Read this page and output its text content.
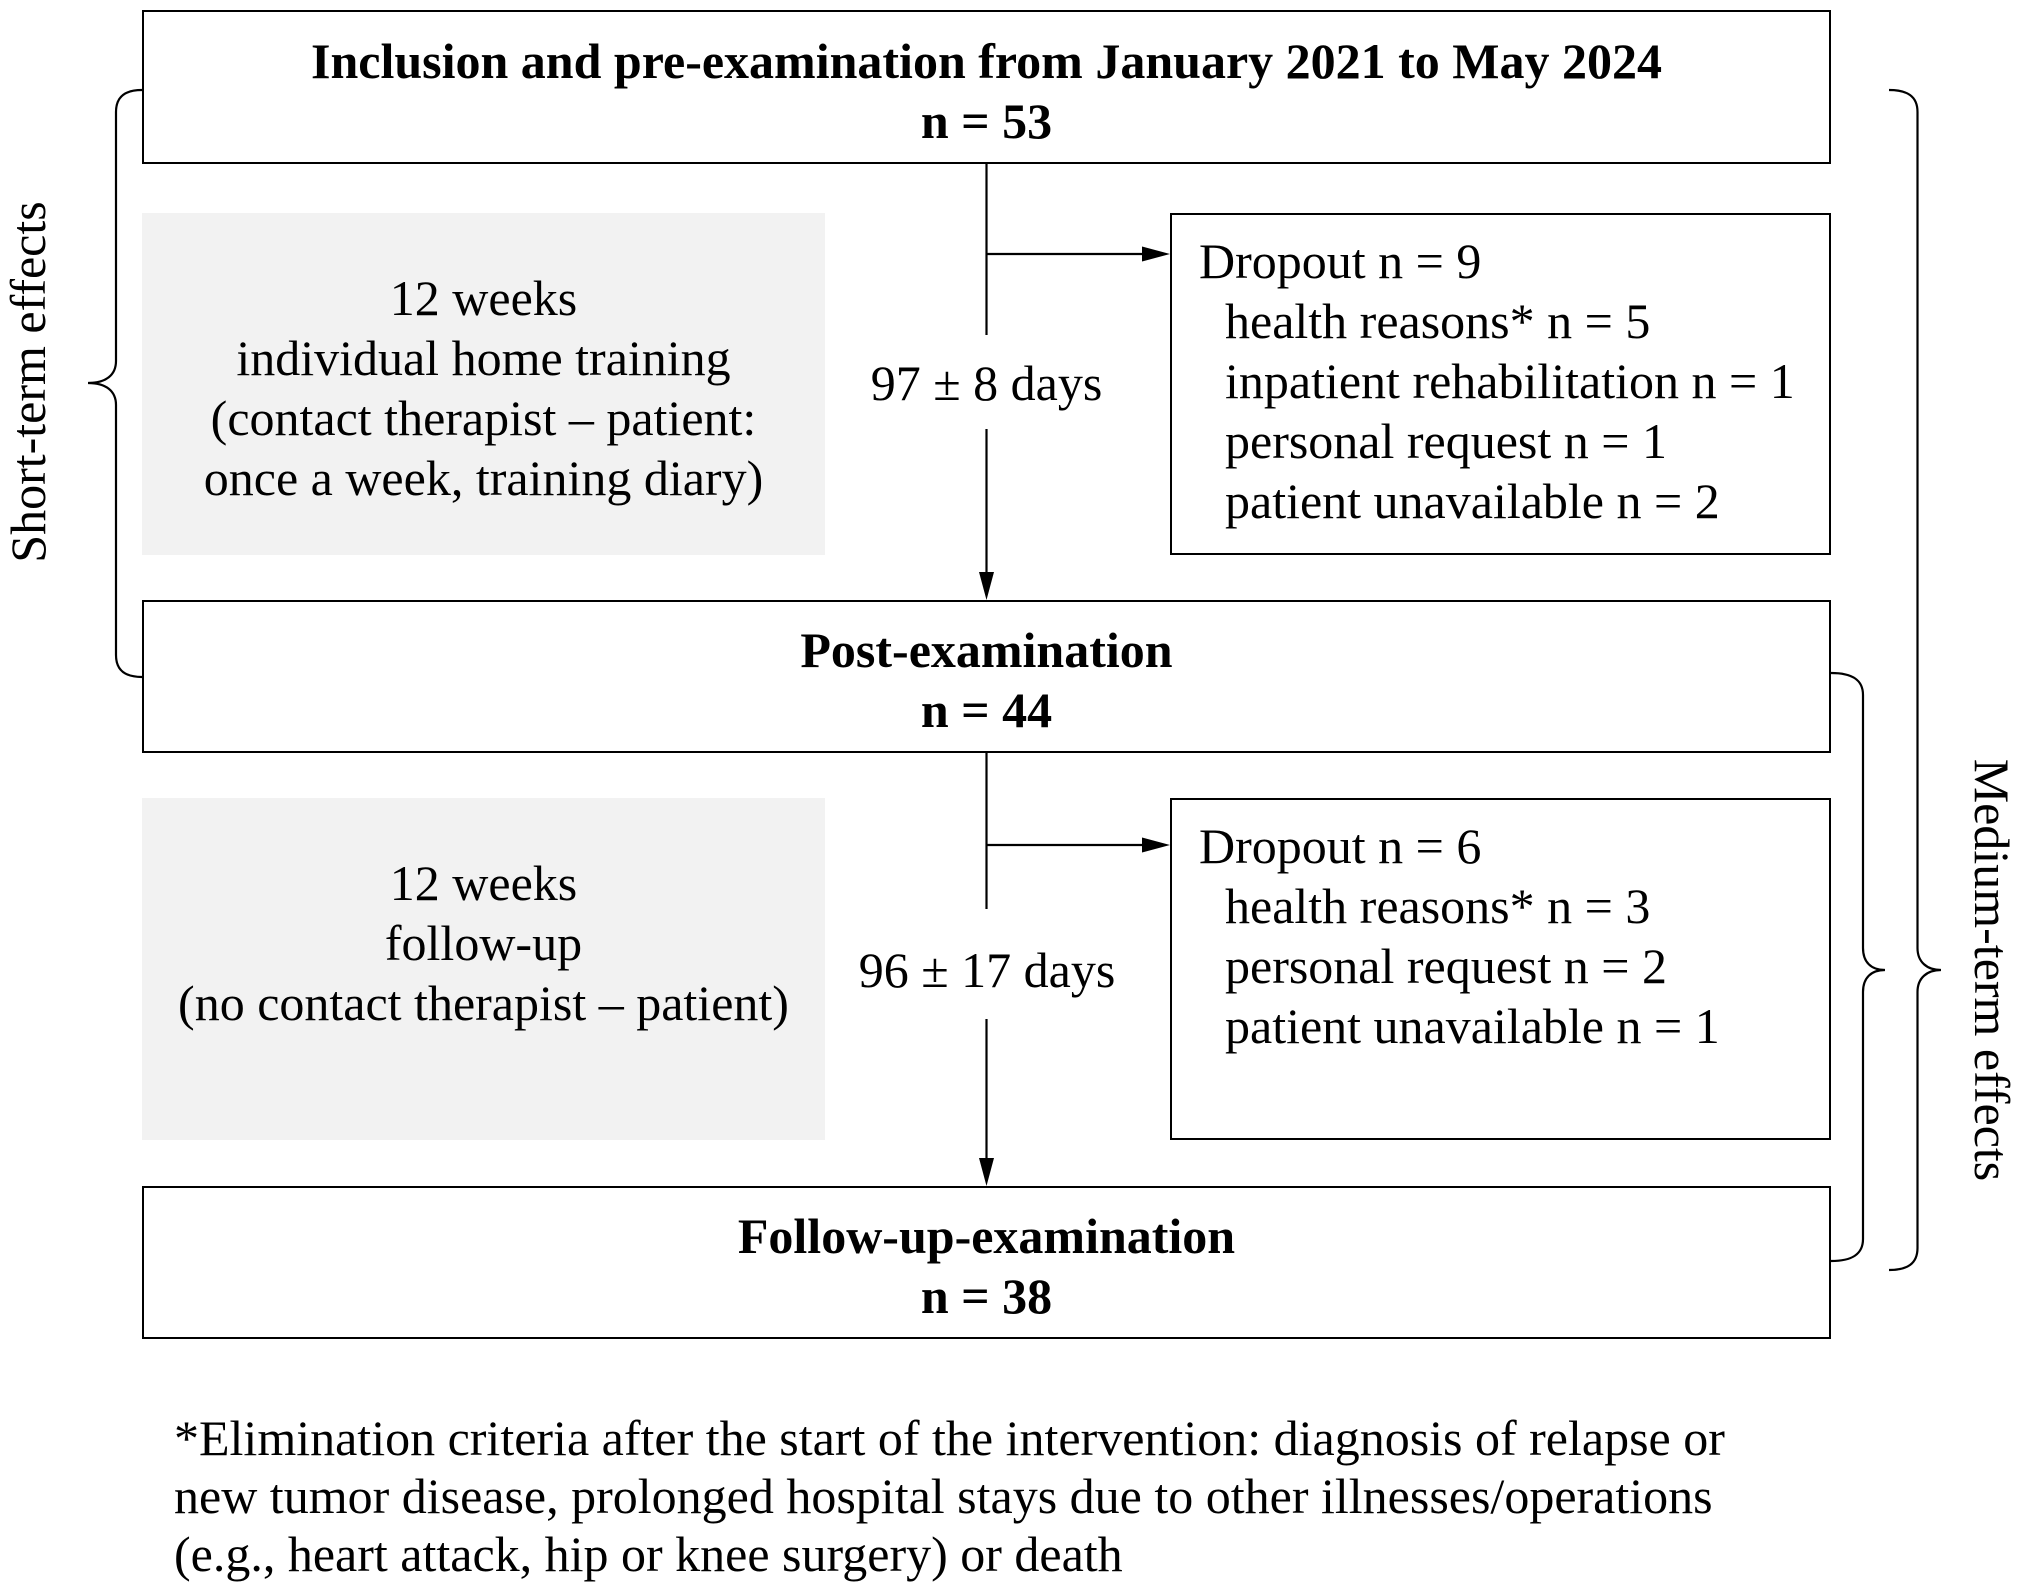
Inclusion and pre-examination from January 2021 to May 2024
n = 53
12 weeks
individual home training
(contact therapist – patient:
once a week, training diary)
97 ± 8 days
Dropout n = 9
health reasons* n = 5
inpatient rehabilitation n = 1
personal request n = 1
patient unavailable n = 2
Post-examination
n = 44
12 weeks
follow-up
(no contact therapist – patient)
96 ± 17 days
Dropout n = 6
health reasons* n = 3
personal request n = 2
patient unavailable n = 1
Follow-up-examination
n = 38
Short-term effects
Medium-term effects
*Elimination criteria after the start of the intervention: diagnosis of relapse or
new tumor disease, prolonged hospital stays due to other illnesses/operations
(e.g., heart attack, hip or knee surgery) or death
